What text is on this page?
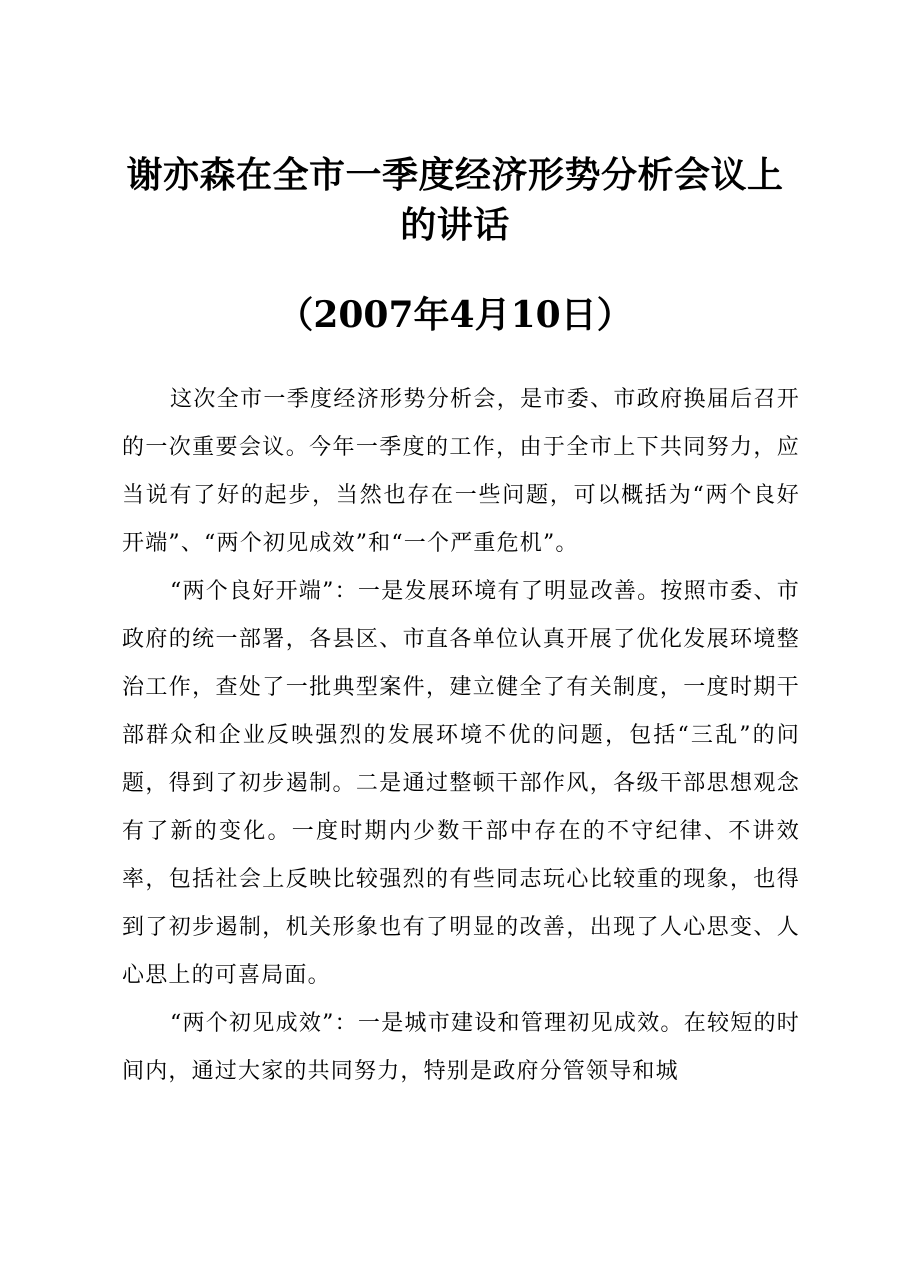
谢亦森在全市一季度经济形势分析会议上的讲话
（2007年4月10日）

这次全市一季度经济形势分析会，是市委、市政府换届后召开的一次重要会议。今年一季度的工作，由于全市上下共同努力，应当说有了好的起步，当然也存在一些问题，可以概括为“两个良好开端”、“两个初见成效”和“一个严重危机”。

“两个良好开端”：一是发展环境有了明显改善。按照市委、市政府的统一部署，各县区、市直各单位认真开展了优化发展环境整治工作，查处了一批典型案件，建立健全了有关制度，一度时期干部群众和企业反映强烈的发展环境不优的问题，包括“三乱”的问题，得到了初步遏制。二是通过整顿干部作风，各级干部思想观念有了新的变化。一度时期内少数干部中存在的不守纪律、不讲效率，包括社会上反映比较强烈的有些同志玩心比较重的现象，也得到了初步遏制，机关形象也有了明显的改善，出现了人心思变、人心思上的可喜局面。

“两个初见成效”：一是城市建设和管理初见成效。在较短的时间内，通过大家的共同努力，特别是政府分管领导和城
